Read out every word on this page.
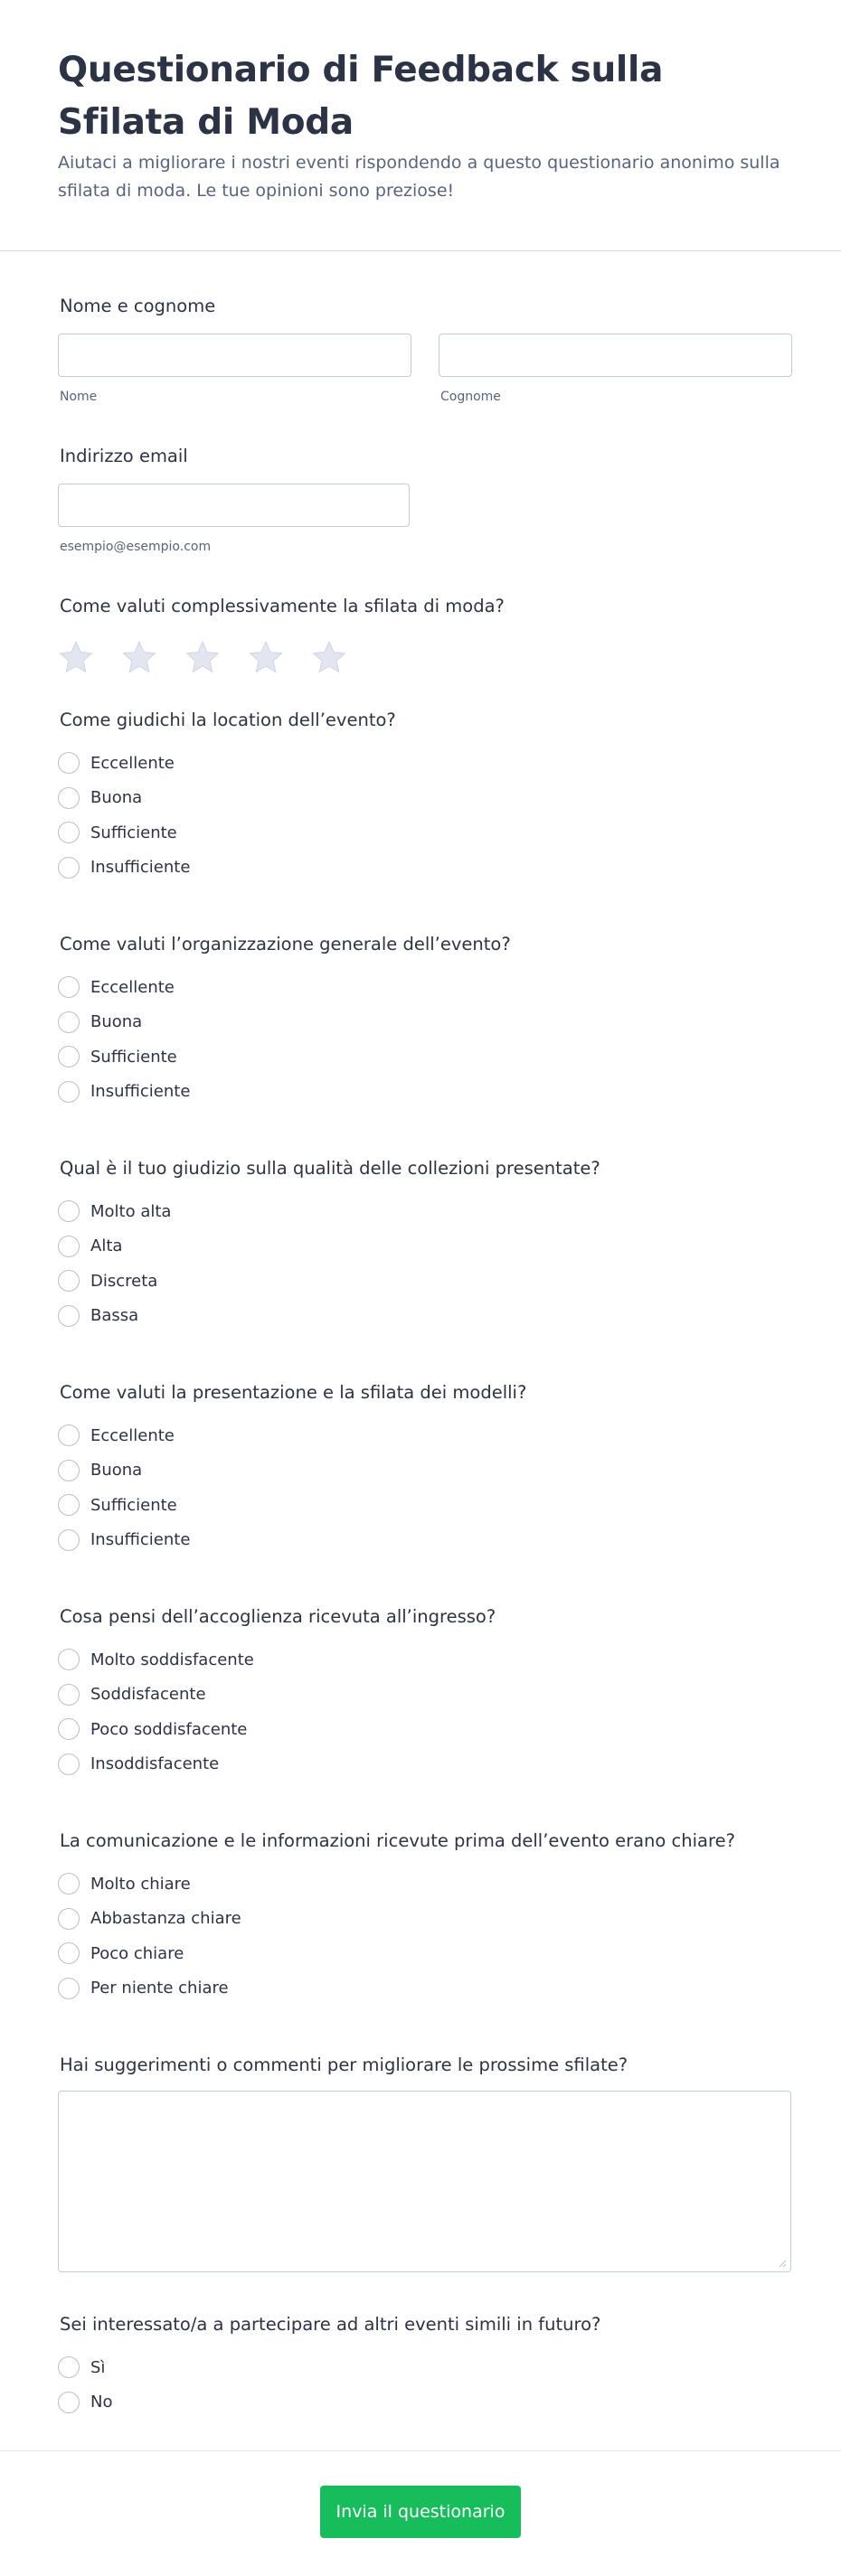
Questionario di Feedback sulla Sfilata di Moda

Aiutaci a migliorare i nostri eventi rispondendo a questo questionario anonimo sulla sfilata di moda. Le tue opinioni sono preziose!

Nome e cognome
Nome	Cognome
Indirizzo email
esempio@esempio.com
Come valuti complessivamente la sfilata di moda?
Come giudichi la location dell’evento?
Eccellente
Buona
Sufficiente
Insufficiente
Come valuti l’organizzazione generale dell’evento?
Eccellente
Buona
Sufficiente
Insufficiente
Qual è il tuo giudizio sulla qualità delle collezioni presentate?
Molto alta
Alta
Discreta
Bassa
Come valuti la presentazione e la sfilata dei modelli?
Eccellente
Buona
Sufficiente
Insufficiente
Cosa pensi dell’accoglienza ricevuta all’ingresso?
Molto soddisfacente
Soddisfacente
Poco soddisfacente
Insoddisfacente
La comunicazione e le informazioni ricevute prima dell’evento erano chiare?
Molto chiare
Abbastanza chiare
Poco chiare
Per niente chiare
Hai suggerimenti o commenti per migliorare le prossime sfilate?
Sei interessato/a a partecipare ad altri eventi simili in futuro?
Sì
No
Invia il questionario
